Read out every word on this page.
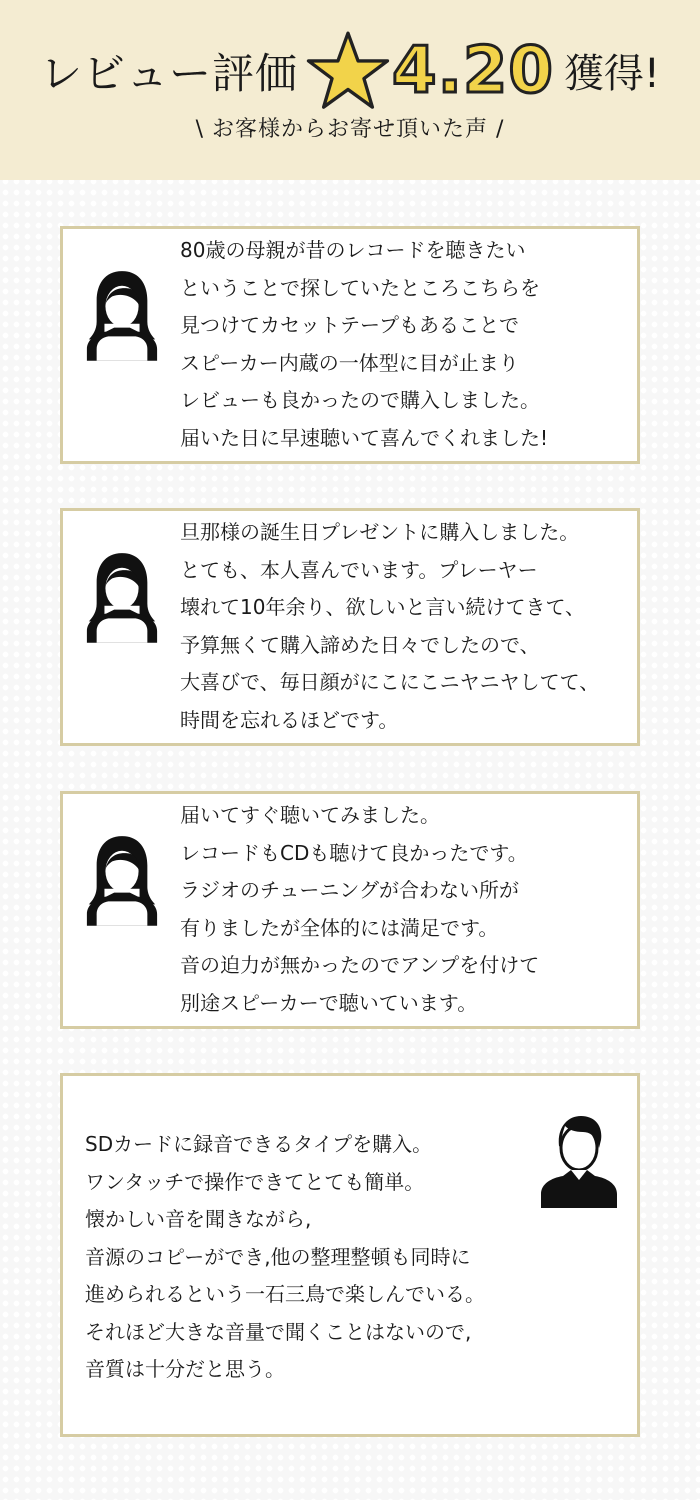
レビュー評価 4.20 獲得!
\ お客様からお寄せ頂いた声 /
80歳の母親が昔のレコードを聴きたい
ということで探していたところこちらを
見つけてカセットテープもあることで
スピーカー内蔵の一体型に目が止まり
レビューも良かったので購入しました。
届いた日に早速聴いて喜んでくれました!
旦那様の誕生日プレゼントに購入しました。
とても、本人喜んでいます。プレーヤー
壊れて10年余り、欲しいと言い続けてきて、
予算無くて購入諦めた日々でしたので、
大喜びで、毎日顔がにこにこニヤニヤしてて、
時間を忘れるほどです。
届いてすぐ聴いてみました。
レコードもCDも聴けて良かったです。
ラジオのチューニングが合わない所が
有りましたが全体的には満足です。
音の迫力が無かったのでアンプを付けて
別途スピーカーで聴いています。
SDカードに録音できるタイプを購入。
ワンタッチで操作できてとても簡単。
懐かしい音を聞きながら,
音源のコピーができ,他の整理整頓も同時に
進められるという一石三鳥で楽しんでいる。
それほど大きな音量で聞くことはないので,
音質は十分だと思う。
